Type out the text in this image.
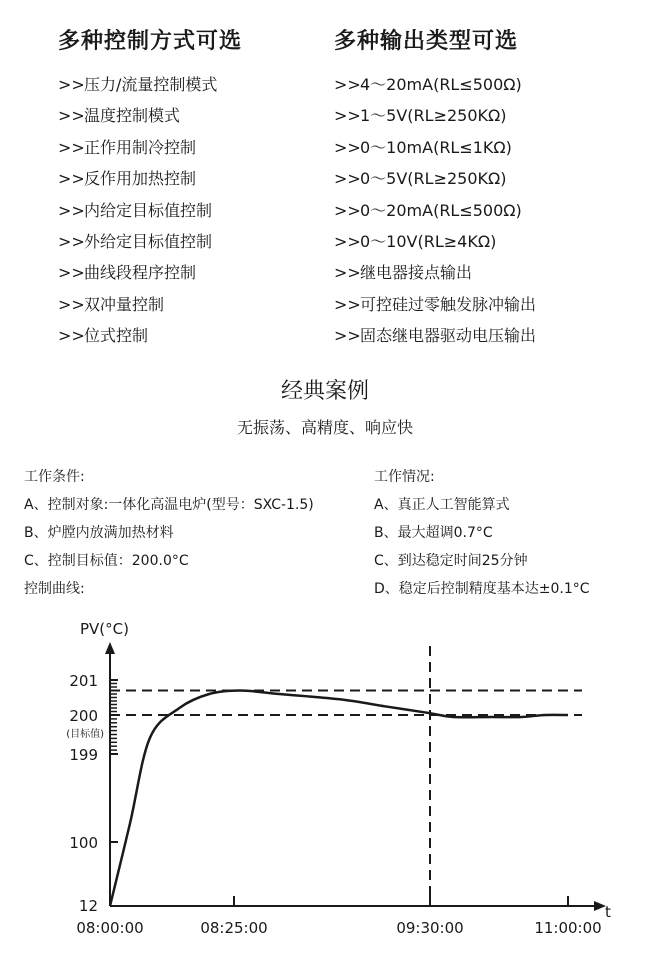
多种控制方式可选
>>压力/流量控制模式
>>温度控制模式
>>正作用制冷控制
>>反作用加热控制
>>内给定目标值控制
>>外给定目标值控制
>>曲线段程序控制
>>双冲量控制
>>位式控制
多种输出类型可选
>>4～20mA(RL≤500Ω)
>>1～5V(RL≥250KΩ)
>>0～10mA(RL≤1KΩ)
>>0～5V(RL≥250KΩ)
>>0～20mA(RL≤500Ω)
>>0～10V(RL≥4KΩ)
>>继电器接点输出
>>可控硅过零触发脉冲输出
>>固态继电器驱动电压输出
经典案例
无振荡、高精度、响应快
工作条件:
A、控制对象:一体化高温电炉(型号：SXC-1.5)
B、炉膛内放满加热材料
C、控制目标值：200.0°C
控制曲线:
工作情况:
A、真正人工智能算式
B、最大超调0.7°C
C、到达稳定时间25分钟
D、稳定后控制精度基本达±0.1°C
PV(°C)
t
201
200
(目标值)
199
100
12
08:00:00	08:25:00	09:30:00	11:00:00
